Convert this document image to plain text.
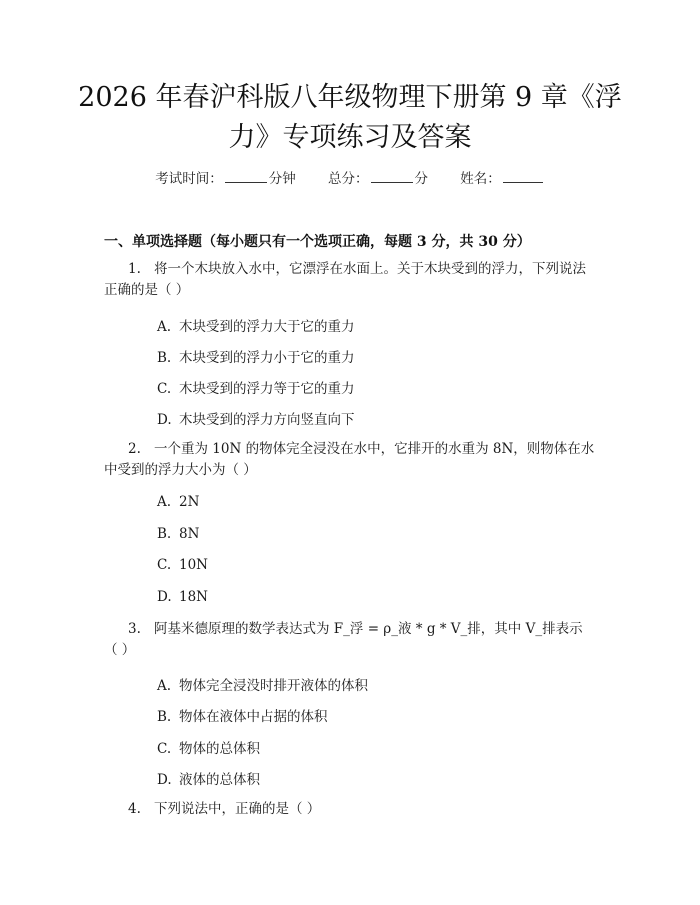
2026 年春沪科版八年级物理下册第 9 章《浮
力》专项练习及答案
考试时间：	分钟 总分：	分 姓名：
一、单项选择题（每小题只有一个选项正确，每题 3 分，共 30 分）
1. 将一个木块放入水中，它漂浮在水面上。关于木块受到的浮力，下列说法
正确的是（ ）
A. 木块受到的浮力大于它的重力
B. 木块受到的浮力小于它的重力
C. 木块受到的浮力等于它的重力
D. 木块受到的浮力方向竖直向下
2. 一个重为 10N 的物体完全浸没在水中，它排开的水重为 8N，则物体在水
中受到的浮力大小为（ ）
A. 2N
B. 8N
C. 10N
D. 18N
3. 阿基米德原理的数学表达式为 F_浮 = ρ_液 * g * V_排，其中 V_排表示
（ ）
A. 物体完全浸没时排开液体的体积
B. 物体在液体中占据的体积
C. 物体的总体积
D. 液体的总体积
4. 下列说法中，正确的是（ ）
